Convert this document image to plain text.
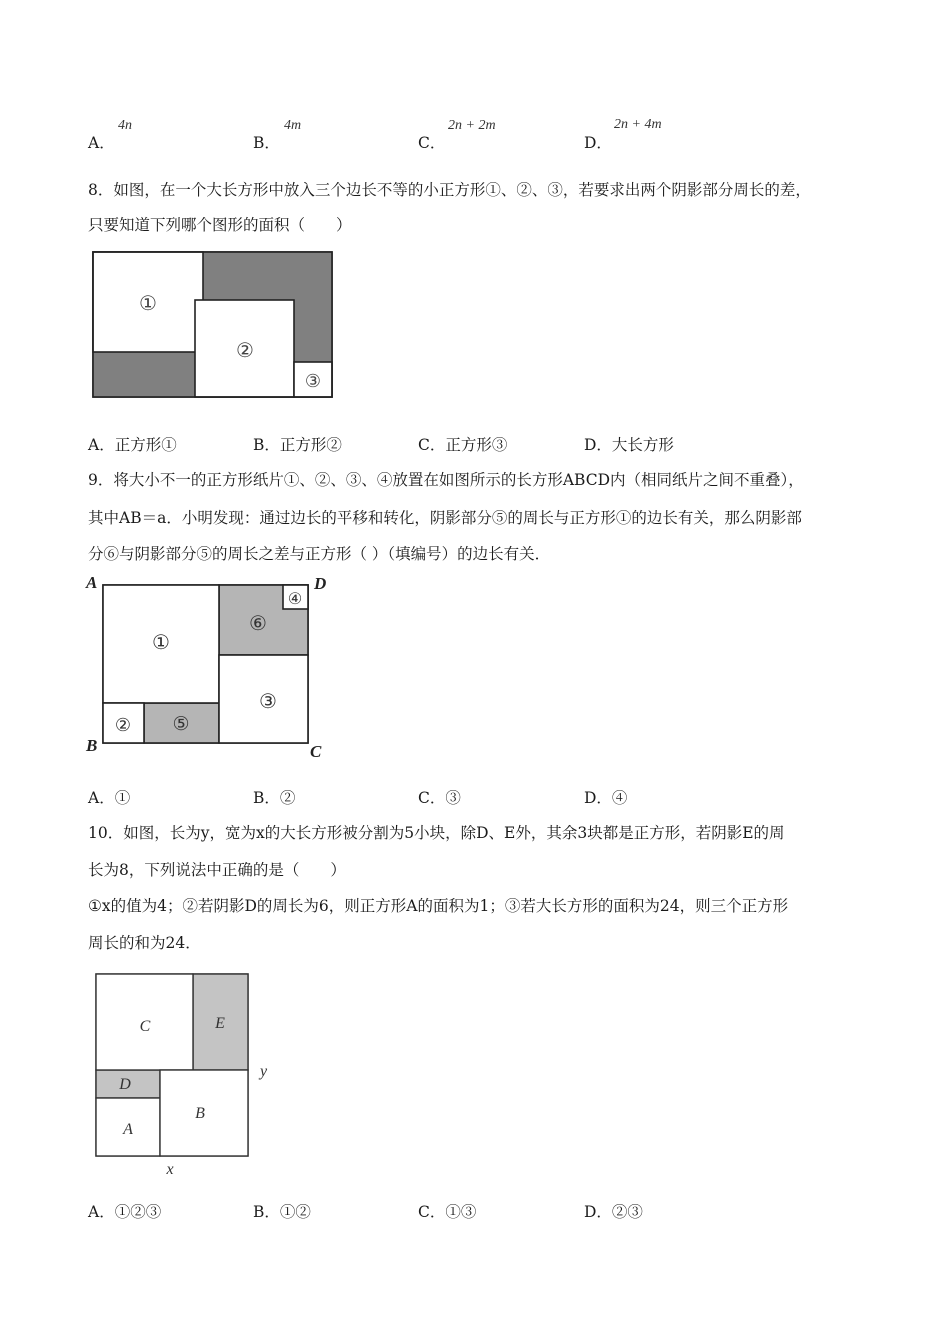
A．
4n
B．
4m
C．
2n + 2m
D．
2n + 4m
8．如图，在一个大长方形中放入三个边长不等的小正方形①、②、③，若要求出两个阴影部分周长的差，
只要知道下列哪个图形的面积（　　）
①
②
③
A．正方形①	B．正方形②	C．正方形③	D．大长方形
9．将大小不一的正方形纸片①、②、③、④放置在如图所示的长方形ABCD内（相同纸片之间不重叠），
其中AB＝a．小明发现：通过边长的平移和转化，阴影部分⑤的周长与正方形①的边长有关，那么阴影部
分⑥与阴影部分⑤的周长之差与正方形（ ）（填编号）的边长有关．
A
B	C
D
①
②
③
④
⑤
⑥
A．①	B．②	C．③	D．④
10．如图，长为y，宽为x的大长方形被分割为5小块，除D、E外，其余3块都是正方形，若阴影E的周
长为8，下列说法中正确的是（　　）
①x的值为4；②若阴影D的周长为6，则正方形A的面积为1；③若大长方形的面积为24，则三个正方形
周长的和为24．
C	E
D
A
B
x
y
A．①②③	B．①②	C．①③	D．②③
